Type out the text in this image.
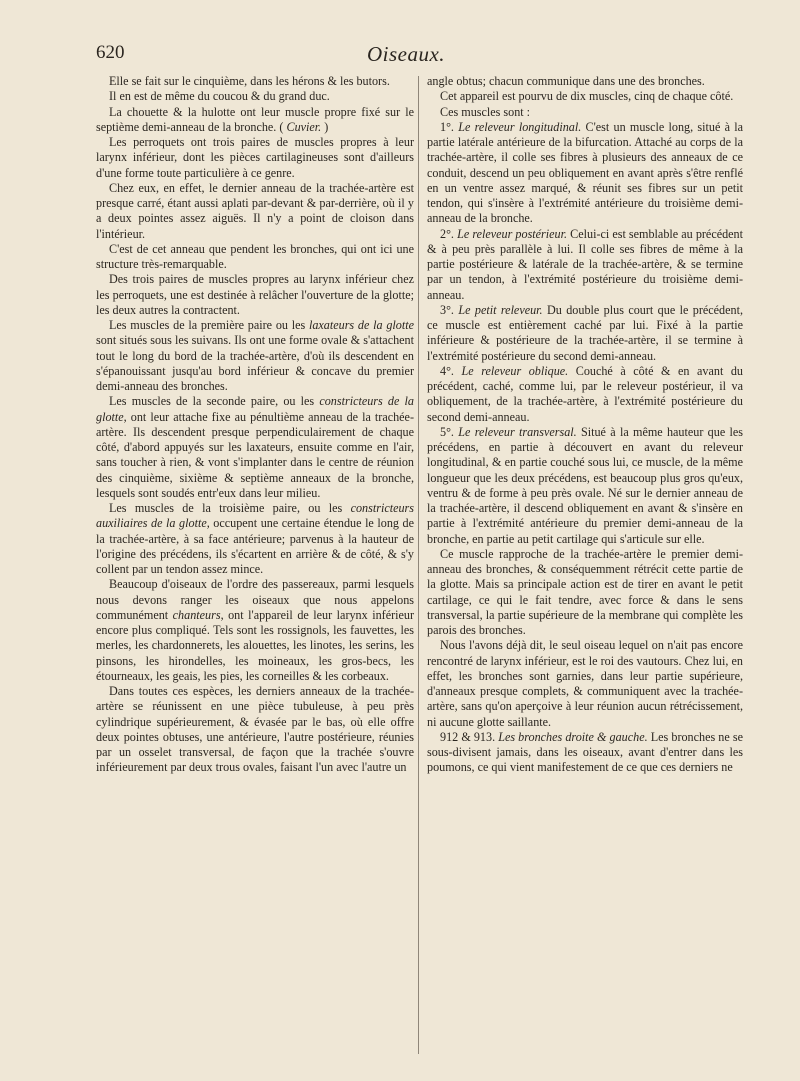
620	Oiseaux.

Elle se fait sur le cinquième, dans les hérons & les butors.

Il en est de même du coucou & du grand duc.

La chouette & la hulotte ont leur muscle propre fixé sur le septième demi-anneau de la bronche. ( Cuvier. )

Les perroquets ont trois paires de muscles propres à leur larynx inférieur, dont les pièces cartilagineuses sont d'ailleurs d'une forme toute particulière à ce genre.

Chez eux, en effet, le dernier anneau de la trachée-artère est presque carré, étant aussi aplati par-devant & par-derrière, où il y a deux pointes assez aiguës. Il n'y a point de cloison dans l'intérieur.

C'est de cet anneau que pendent les bronches, qui ont ici une structure très-remarquable.

Des trois paires de muscles propres au larynx inférieur chez les perroquets, une est destinée à relâcher l'ouverture de la glotte; les deux autres la contractent.

Les muscles de la première paire ou les laxateurs de la glotte sont situés sous les suivans. Ils ont une forme ovale & s'attachent tout le long du bord de la trachée-artère, d'où ils descendent en s'épanouissant jusqu'au bord inférieur & concave du premier demi-anneau des bronches.

Les muscles de la seconde paire, ou les constricteurs de la glotte, ont leur attache fixe au pénultième anneau de la trachée-artère. Ils descendent presque perpendiculairement de chaque côté, d'abord appuyés sur les laxateurs, ensuite comme en l'air, sans toucher à rien, & vont s'implanter dans le centre de réunion des cinquième, sixième & septième anneaux de la bronche, lesquels sont soudés entr'eux dans leur milieu.

Les muscles de la troisième paire, ou les constricteurs auxiliaires de la glotte, occupent une certaine étendue le long de la trachée-artère, à sa face antérieure; parvenus à la hauteur de l'origine des précédens, ils s'écartent en arrière & de côté, & s'y collent par un tendon assez mince.

Beaucoup d'oiseaux de l'ordre des passereaux, parmi lesquels nous devons ranger les oiseaux que nous appelons communément chanteurs, ont l'appareil de leur larynx inférieur encore plus compliqué. Tels sont les rossignols, les fauvettes, les merles, les chardonnerets, les alouettes, les linotes, les serins, les pinsons, les hirondelles, les moineaux, les gros-becs, les étourneaux, les geais, les pies, les corneilles & les corbeaux.

Dans toutes ces espèces, les derniers anneaux de la trachée-artère se réunissent en une pièce tubuleuse, à peu près cylindrique supérieurement, & évasée par le bas, où elle offre deux pointes obtuses, une antérieure, l'autre postérieure, réunies par un osselet transversal, de façon que la trachée s'ouvre inférieurement par deux trous ovales, faisant l'un avec l'autre un

angle obtus; chacun communique dans une des bronches.

Cet appareil est pourvu de dix muscles, cinq de chaque côté.

Ces muscles sont :

1°. Le releveur longitudinal. C'est un muscle long, situé à la partie latérale antérieure de la bifurcation. Attaché au corps de la trachée-artère, il colle ses fibres à plusieurs des anneaux de ce conduit, descend un peu obliquement en avant après s'être renflé en un ventre assez marqué, & réunit ses fibres sur un petit tendon, qui s'insère à l'extrémité antérieure du troisième demi-anneau de la bronche.

2°. Le releveur postérieur. Celui-ci est semblable au précédent & à peu près parallèle à lui. Il colle ses fibres de même à la partie postérieure & latérale de la trachée-artère, & se termine par un tendon, à l'extrémité postérieure du troisième demi-anneau.

3°. Le petit releveur. Du double plus court que le précédent, ce muscle est entièrement caché par lui. Fixé à la partie inférieure & postérieure de la trachée-artère, il se termine à l'extrémité postérieure du second demi-anneau.

4°. Le releveur oblique. Couché à côté & en avant du précédent, caché, comme lui, par le releveur postérieur, il va obliquement, de la trachée-artère, à l'extrémité postérieure du second demi-anneau.

5°. Le releveur transversal. Situé à la même hauteur que les précédens, en partie à découvert en avant du releveur longitudinal, & en partie couché sous lui, ce muscle, de la même longueur que les deux précédens, est beaucoup plus gros qu'eux, ventru & de forme à peu près ovale. Né sur le dernier anneau de la trachée-artère, il descend obliquement en avant & s'insère en partie à l'extrémité antérieure du premier demi-anneau de la bronche, en partie au petit cartilage qui s'articule sur elle.

Ce muscle rapproche de la trachée-artère le premier demi-anneau des bronches, & conséquemment rétrécit cette partie de la glotte. Mais sa principale action est de tirer en avant le petit cartilage, ce qui le fait tendre, avec force & dans le sens transversal, la partie supérieure de la membrane qui complète les parois des bronches.

Nous l'avons déjà dit, le seul oiseau lequel on n'ait pas encore rencontré de larynx inférieur, est le roi des vautours. Chez lui, en effet, les bronches sont garnies, dans leur partie supérieure, d'anneaux presque complets, & communiquent avec la trachée-artère, sans qu'on aperçoive à leur réunion aucun rétrécissement, ni aucune glotte saillante.

912 & 913. Les bronches droite & gauche. Les bronches ne se sous-divisent jamais, dans les oiseaux, avant d'entrer dans les poumons, ce qui vient manifestement de ce que ces derniers ne
